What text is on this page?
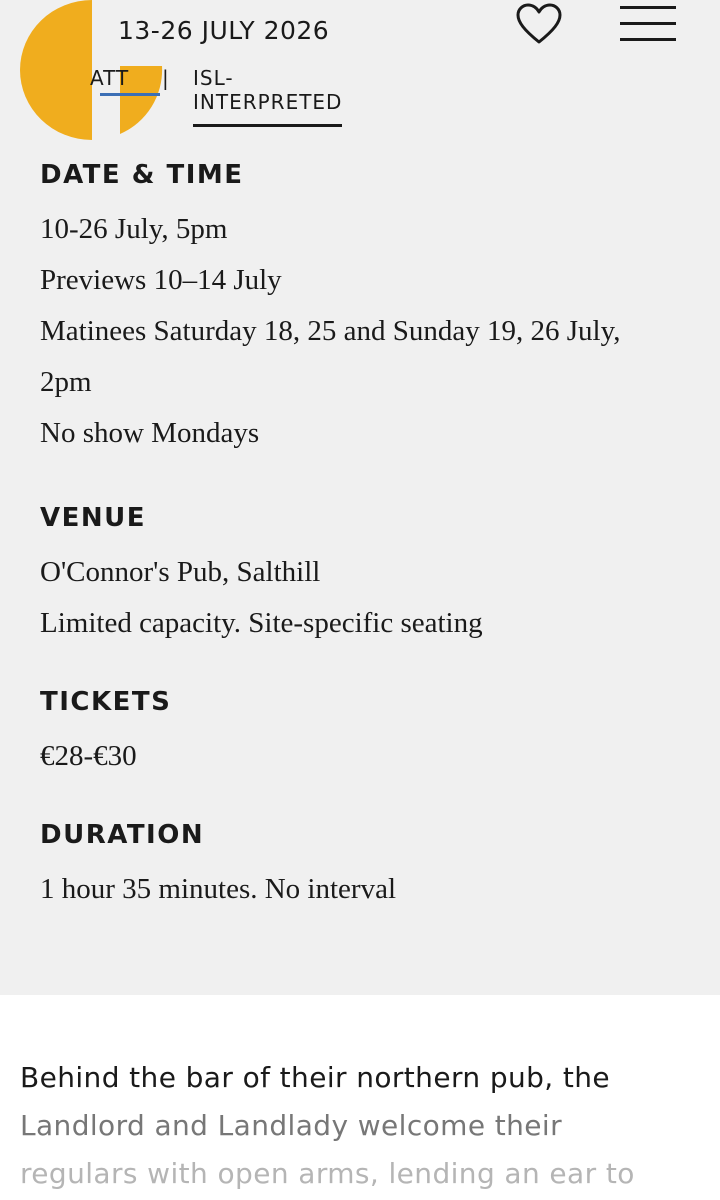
13-26 JULY 2026
ATT	| ISL-INTERPRETED

DATE & TIME

10-26 July, 5pm

Previews 10–14 July

Matinees Saturday 18, 25 and Sunday 19, 26 July,

2pm

No show Mondays

VENUE

O'Connor's Pub, Salthill

Limited capacity. Site-specific seating

TICKETS

€28-€30

DURATION

1 hour 35 minutes. No interval

Behind the bar of their northern pub, the
Landlord and Landlady welcome their
regulars with open arms, lending an ear to
